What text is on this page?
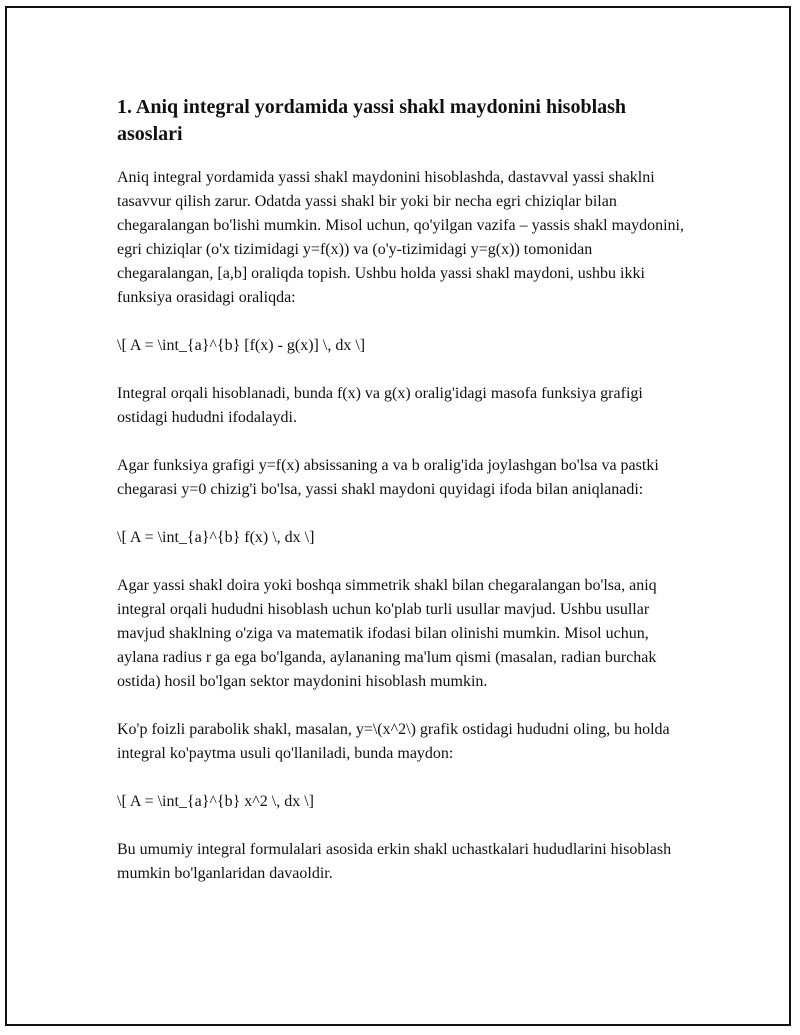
1. Aniq integral yordamida yassi shakl maydonini hisoblash asoslari

Aniq integral yordamida yassi shakl maydonini hisoblashda, dastavval yassi shaklni tasavvur qilish zarur. Odatda yassi shakl bir yoki bir necha egri chiziqlar bilan chegaralangan bo'lishi mumkin. Misol uchun, qo'yilgan vazifa – yassis shakl maydonini, egri chiziqlar (o'x tizimidagi y=f(x)) va (o'y-tizimidagi y=g(x)) tomonidan chegaralangan, [a,b] oraliqda topish. Ushbu holda yassi shakl maydoni, ushbu ikki funksiya orasidagi oraliqda:

\[ A = \int_{a}^{b} [f(x) - g(x)] \, dx \]

Integral orqali hisoblanadi, bunda f(x) va g(x) oralig'idagi masofa funksiya grafigi ostidagi hududni ifodalaydi.

Agar funksiya grafigi y=f(x) absissaning a va b oralig'ida joylashgan bo'lsa va pastki chegarasi y=0 chizig'i bo'lsa, yassi shakl maydoni quyidagi ifoda bilan aniqlanadi:

\[ A = \int_{a}^{b} f(x) \, dx \]

Agar yassi shakl doira yoki boshqa simmetrik shakl bilan chegaralangan bo'lsa, aniq integral orqali hududni hisoblash uchun ko'plab turli usullar mavjud. Ushbu usullar mavjud shaklning o'ziga va matematik ifodasi bilan olinishi mumkin. Misol uchun, aylana radius r ga ega bo'lganda, aylananing ma'lum qismi (masalan, radian burchak ostida) hosil bo'lgan sektor maydonini hisoblash mumkin.

Ko'p foizli parabolik shakl, masalan, y=\(x^2\) grafik ostidagi hududni oling, bu holda integral ko'paytma usuli qo'llaniladi, bunda maydon:

\[ A = \int_{a}^{b} x^2 \, dx \]

Bu umumiy integral formulalari asosida erkin shakl uchastkalari hududlarini hisoblash mumkin bo'lganlaridan davaoldir.
